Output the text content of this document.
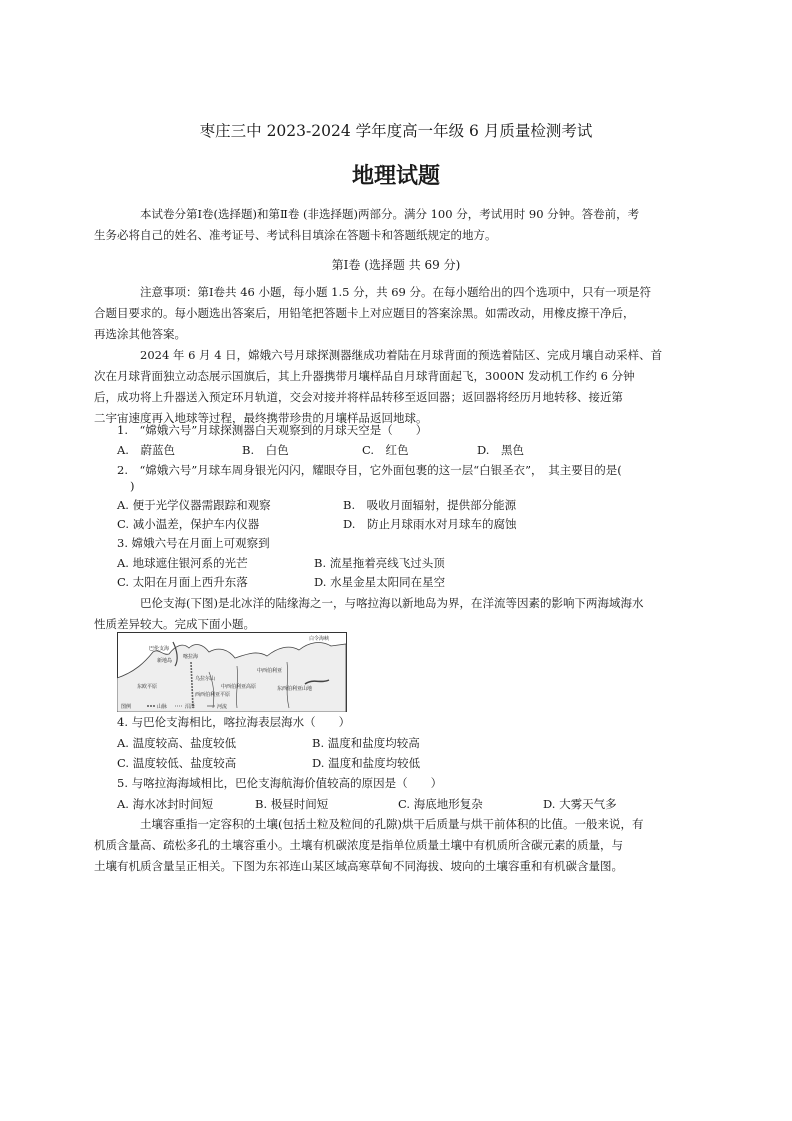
枣庄三中 2023-2024 学年度高一年级 6 月质量检测考试
地理试题
本试卷分第Ⅰ卷(选择题)和第Ⅱ卷 (非选择题)两部分。满分 100 分，考试用时 90 分钟。答卷前，考
生务必将自己的姓名、准考证号、考试科目填涂在答题卡和答题纸规定的地方。
第Ⅰ卷 (选择题 共 69 分)
注意事项：第Ⅰ卷共 46 小题，每小题 1.5 分，共 69 分。在每小题给出的四个选项中，只有一项是符
合题目要求的。每小题选出答案后，用铅笔把答题卡上对应题目的答案涂黑。如需改动，用橡皮擦干净后，
再选涂其他答案。
2024 年 6 月 4 日，嫦娥六号月球探测器继成功着陆在月球背面的预选着陆区、完成月壤自动采样、首
次在月球背面独立动态展示国旗后，其上升器携带月壤样品自月球背面起飞，3000N 发动机工作约 6 分钟
后，成功将上升器送入预定环月轨道，交会对接并将样品转移至返回器；返回器将经历月地转移、接近第
二宇宙速度再入地球等过程，最终携带珍贵的月壤样品返回地球。
1.　“嫦娥六号”月球探测器白天观察到的月球天空是（　　）
A.　蔚蓝色	B.　白色	C.　红色	D.　黑色
2.　“嫦娥六号”月球车周身银光闪闪，耀眼夺目，它外面包裹的这一层“白银圣衣”，　其主要目的是(
)
A. 便于光学仪器需跟踪和观察	B.　吸收月面辐射，提供部分能源
C. 减小温差，保护车内仪器	D.　防止月球雨水对月球车的腐蚀
3. 嫦娥六号在月面上可观察到
A. 地球遮住银河系的光芒	B. 流星拖着亮线飞过头顶
C. 太阳在月面上西升东落	D. 水星金星太阳同在星空
巴伦支海(下图)是北冰洋的陆缘海之一，与喀拉海以新地岛为界，在洋流等因素的影响下两海域海水
性质差异较大。完成下面小题。
巴伦支海
新地岛
喀拉海
东欧平原
乌拉尔山
西西伯利亚平原
中西伯利亚高原	东西伯利亚山地
白令海峡
中西伯利亚
图例	山脉	沼泽	河流
4. 与巴伦支海相比，喀拉海表层海水（　　）
A. 温度较高、盐度较低	B. 温度和盐度均较高
C. 温度较低、盐度较高	D. 温度和盐度均较低
5. 与喀拉海海域相比，巴伦支海航海价值较高的原因是（　　）
A. 海水冰封时间短	B. 极昼时间短	C. 海底地形复杂	D. 大雾天气多
土壤容重指一定容积的土壤(包括土粒及粒间的孔隙)烘干后质量与烘干前体积的比值。一般来说，有
机质含量高、疏松多孔的土壤容重小。土壤有机碳浓度是指单位质量土壤中有机质所含碳元素的质量，与
土壤有机质含量呈正相关。下图为东祁连山某区域高寒草甸不同海拔、坡向的土壤容重和有机碳含量图。
